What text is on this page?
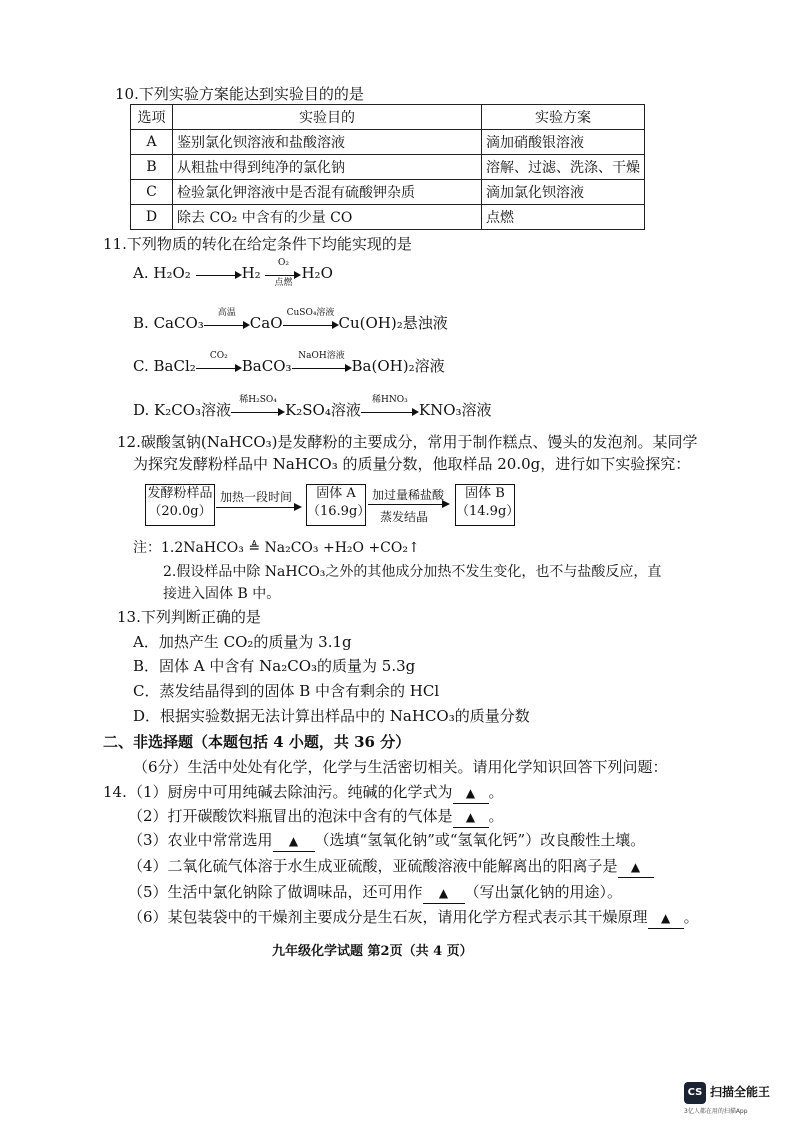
10.下列实验方案能达到实验目的的是
选项	实验目的	实验方案
A	鉴别氯化钡溶液和盐酸溶液	滴加硝酸银溶液
B	从粗盐中得到纯净的氯化钠	溶解、过滤、洗涤、干燥
C	检验氯化钾溶液中是否混有硫酸钾杂质	滴加氯化钡溶液
D	除去 CO₂ 中含有的少量 CO	点燃
11.下列物质的转化在给定条件下均能实现的是
A. H₂O₂	H₂
O₂
点燃
H₂O
B. CaCO₃
高温
CaO
CuSO₄溶液
Cu(OH)₂悬浊液
C. BaCl₂
CO₂
BaCO₃
NaOH溶液
Ba(OH)₂溶液
D. K₂CO₃溶液
稀H₂SO₄
K₂SO₄溶液
稀HNO₃
KNO₃溶液
12.碳酸氢钠(NaHCO₃)是发酵粉的主要成分，常用于制作糕点、馒头的发泡剂。某同学
为探究发酵粉样品中 NaHCO₃ 的质量分数，他取样品 20.0g，进行如下实验探究：
发酵粉样品
（20.0g）
加热一段时间	固体 A
（16.9g）
加过量稀盐酸
蒸发结晶
固体 B
（14.9g）
注：1.2NaHCO₃ ≜ Na₂CO₃ +H₂O +CO₂↑
2.假设样品中除 NaHCO₃之外的其他成分加热不发生变化，也不与盐酸反应，直
接进入固体 B 中。
13.下列判断正确的是
A．加热产生 CO₂的质量为 3.1g
B．固体 A 中含有 Na₂CO₃的质量为 5.3g
C．蒸发结晶得到的固体 B 中含有剩余的 HCl
D．根据实验数据无法计算出样品中的 NaHCO₃的质量分数
二、非选择题（本题包括 4 小题，共 36 分）
（6分）生活中处处有化学，化学与生活密切相关。请用化学知识回答下列问题：
14. （1）厨房中可用纯碱去除油污。纯碱的化学式为 ▲ 。
（2）打开碳酸饮料瓶冒出的泡沫中含有的气体是 ▲ 。
（3）农业中常常选用 ▲ （选填“氢氧化钠”或“氢氧化钙”）改良酸性土壤。
（4）二氧化硫气体溶于水生成亚硫酸，亚硫酸溶液中能解离出的阳离子是 ▲
（5）生活中氯化钠除了做调味品，还可用作 ▲ （写出氯化钠的用途）。
（6）某包装袋中的干燥剂主要成分是生石灰，请用化学方程式表示其干燥原理 ▲ 。
九年级化学试题 第2页（共 4 页）
CS 扫描全能王
3亿人都在用的扫描App
